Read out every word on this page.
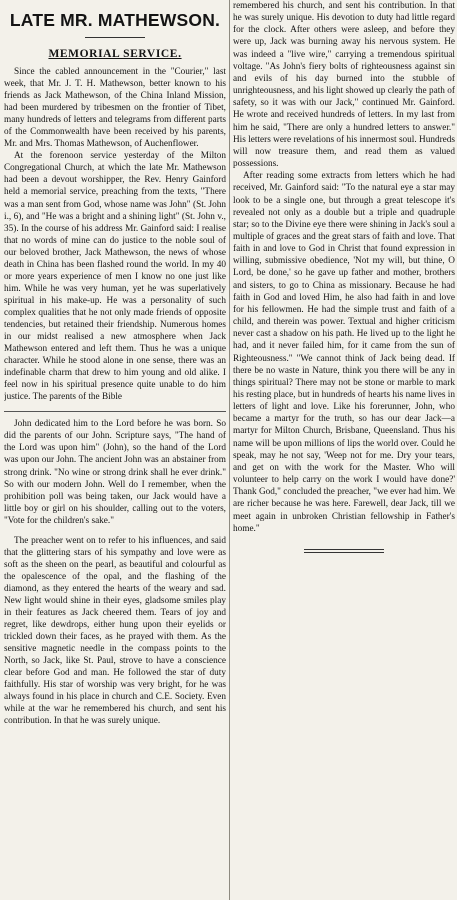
LATE MR. MATHEWSON.
MEMORIAL SERVICE.

Since the cabled announcement in the "Courier," last week, that Mr. J. T. H. Mathewson, better known to his friends as Jack Mathewson, of the China Inland Mission, had been murdered by tribesmen on the frontier of Tibet, many hundreds of letters and telegrams from different parts of the Commonwealth have been received by his parents, Mr. and Mrs. Thomas Mathewson, of Auchenflower.

At the forenoon service yesterday of the Milton Congregational Church, at which the late Mr. Mathewson had been a devout worshipper, the Rev. Henry Gainford held a memorial service, preaching from the texts, "There was a man sent from God, whose name was John" (St. John i., 6), and "He was a bright and a shining light" (St. John v., 35). In the course of his address Mr. Gainford said: I realise that no words of mine can do justice to the noble soul of our beloved brother, Jack Mathewson, the news of whose death in China has been flashed round the world. In my 40 or more years experience of men I know no one just like him. While he was very human, yet he was superlatively spiritual in his make-up. He was a personality of such complex qualities that he not only made friends of opposite tendencies, but retained their friendship. Numerous homes in our midst realised a new atmosphere when Jack Mathewson entered and left them. Thus he was a unique character. While he stood alone in one sense, there was an indefinable charm that drew to him young and old alike. I feel now in his spiritual presence quite unable to do him justice. The parents of the Bible

John dedicated him to the Lord before he was born. So did the parents of our John. Scripture says, "The hand of the Lord was upon him" (John), so the hand of the Lord was upon our John. The ancient John was an abstainer from strong drink. "No wine or strong drink shall he ever drink." So with our modern John. Well do I remember, when the prohibition poll was being taken, our Jack would have a little boy or girl on his shoulder, calling out to the voters, "Vote for the children's sake."

The preacher went on to refer to his influences, and said that the glittering stars of his sympathy and love were as soft as the sheen on the pearl, as beautiful and colourful as the opalescence of the opal, and the flashing of the diamond, as they entered the hearts of the weary and sad. New light would shine in their eyes, gladsome smiles play in their features as Jack cheered them. Tears of joy and regret, like dewdrops, either hung upon their eyelids or trickled down their faces, as he prayed with them. As the sensitive magnetic needle in the compass points to the North, so Jack, like St. Paul, strove to have a conscience clear before God and man. He followed the star of duty faithfully. His star of worship was very bright, for he was always found in his place in church and C.E. Society. Even while at the war he remembered his church, and sent his contribution. In that he was surely unique.

remembered his church, and sent his contribution. In that he was surely unique. His devotion to duty had little regard for the clock. After others were asleep, and before they were up, Jack was burning away his nervous system. He was indeed a "live wire," carrying a tremendous spiritual voltage. "As John's fiery bolts of righteousness against sin and evils of his day burned into the stubble of unrighteousness, and his light showed up clearly the path of safety, so it was with our Jack," continued Mr. Gainford. He wrote and received hundreds of letters. In my last from him he said, "There are only a hundred letters to answer." His letters were revelations of his innermost soul. Hundreds will now treasure them, and read them as valued possessions.

After reading some extracts from letters which he had received, Mr. Gainford said: "To the natural eye a star may look to be a single one, but through a great telescope it's revealed not only as a double but a triple and quadruple star; so to the Divine eye there were shining in Jack's soul a multiple of graces and the great stars of faith and love. That faith in and love to God in Christ that found expression in willing, submissive obedience, 'Not my will, but thine, O Lord, be done,' so he gave up father and mother, brothers and sisters, to go to China as missionary. Because he had faith in God and loved Him, he also had faith in and love for his fellowmen. He had the simple trust and faith of a child, and therein was power. Textual and higher criticism never cast a shadow on his path. He lived up to the light he had, and it never failed him, for it came from the sun of Righteousness." "We cannot think of Jack being dead. If there be no waste in Nature, think you there will be any in things spiritual? There may not be stone or marble to mark his resting place, but in hundreds of hearts his name lives in letters of light and love. Like his forerunner, John, who became a martyr for the truth, so has our dear Jack—a martyr for Milton Church, Brisbane, Queensland. Thus his name will be upon millions of lips the world over. Could he speak, may he not say, 'Weep not for me. Dry your tears, and get on with the work for the Master. Who will volunteer to help carry on the work I would have done?' Thank God," concluded the preacher, "we ever had him. We are richer because he was here. Farewell, dear Jack, till we meet again in unbroken Christian fellowship in Father's home."
